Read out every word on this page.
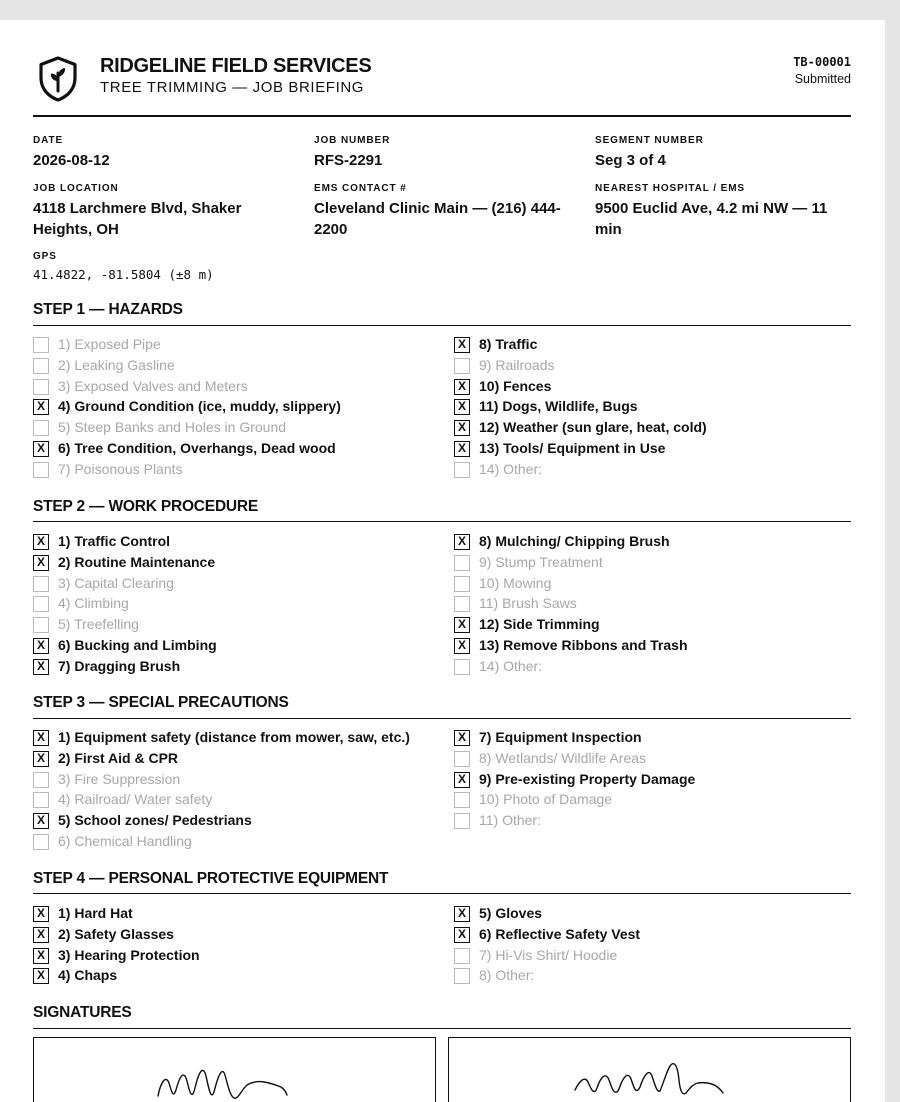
RIDGELINE FIELD SERVICES
TREE TRIMMING — JOB BRIEFING
TB-00001
Submitted
DATE
2026-08-12
JOB NUMBER
RFS-2291
SEGMENT NUMBER
Seg 3 of 4
JOB LOCATION
4118 Larchmere Blvd, Shaker Heights, OH
EMS CONTACT #
Cleveland Clinic Main — (216) 444-2200
NEAREST HOSPITAL / EMS
9500 Euclid Ave, 4.2 mi NW — 11 min
GPS
41.4822, -81.5804 (±8 m)
STEP 1 — HAZARDS
1) Exposed Pipe
2) Leaking Gasline
3) Exposed Valves and Meters
X
4) Ground Condition (ice, muddy, slippery)
5) Steep Banks and Holes in Ground
X
6) Tree Condition, Overhangs, Dead wood
7) Poisonous Plants
X
8) Traffic
9) Railroads
X
10) Fences
X
11) Dogs, Wildlife, Bugs
X
12) Weather (sun glare, heat, cold)
X
13) Tools/ Equipment in Use
14) Other:
STEP 2 — WORK PROCEDURE
X
1) Traffic Control
X
2) Routine Maintenance
3) Capital Clearing
4) Climbing
5) Treefelling
X
6) Bucking and Limbing
X
7) Dragging Brush
X
8) Mulching/ Chipping Brush
9) Stump Treatment
10) Mowing
11) Brush Saws
X
12) Side Trimming
X
13) Remove Ribbons and Trash
14) Other:
STEP 3 — SPECIAL PRECAUTIONS
X
1) Equipment safety (distance from mower, saw, etc.)
X
2) First Aid & CPR
3) Fire Suppression
4) Railroad/ Water safety
X
5) School zones/ Pedestrians
6) Chemical Handling
X
7) Equipment Inspection
8) Wetlands/ Wildlife Areas
X
9) Pre-existing Property Damage
10) Photo of Damage
11) Other:
STEP 4 — PERSONAL PROTECTIVE EQUIPMENT
X
1) Hard Hat
X
2) Safety Glasses
X
3) Hearing Protection
X
4) Chaps
X
5) Gloves
X
6) Reflective Safety Vest
7) Hi-Vis Shirt/ Hoodie
8) Other:
SIGNATURES
